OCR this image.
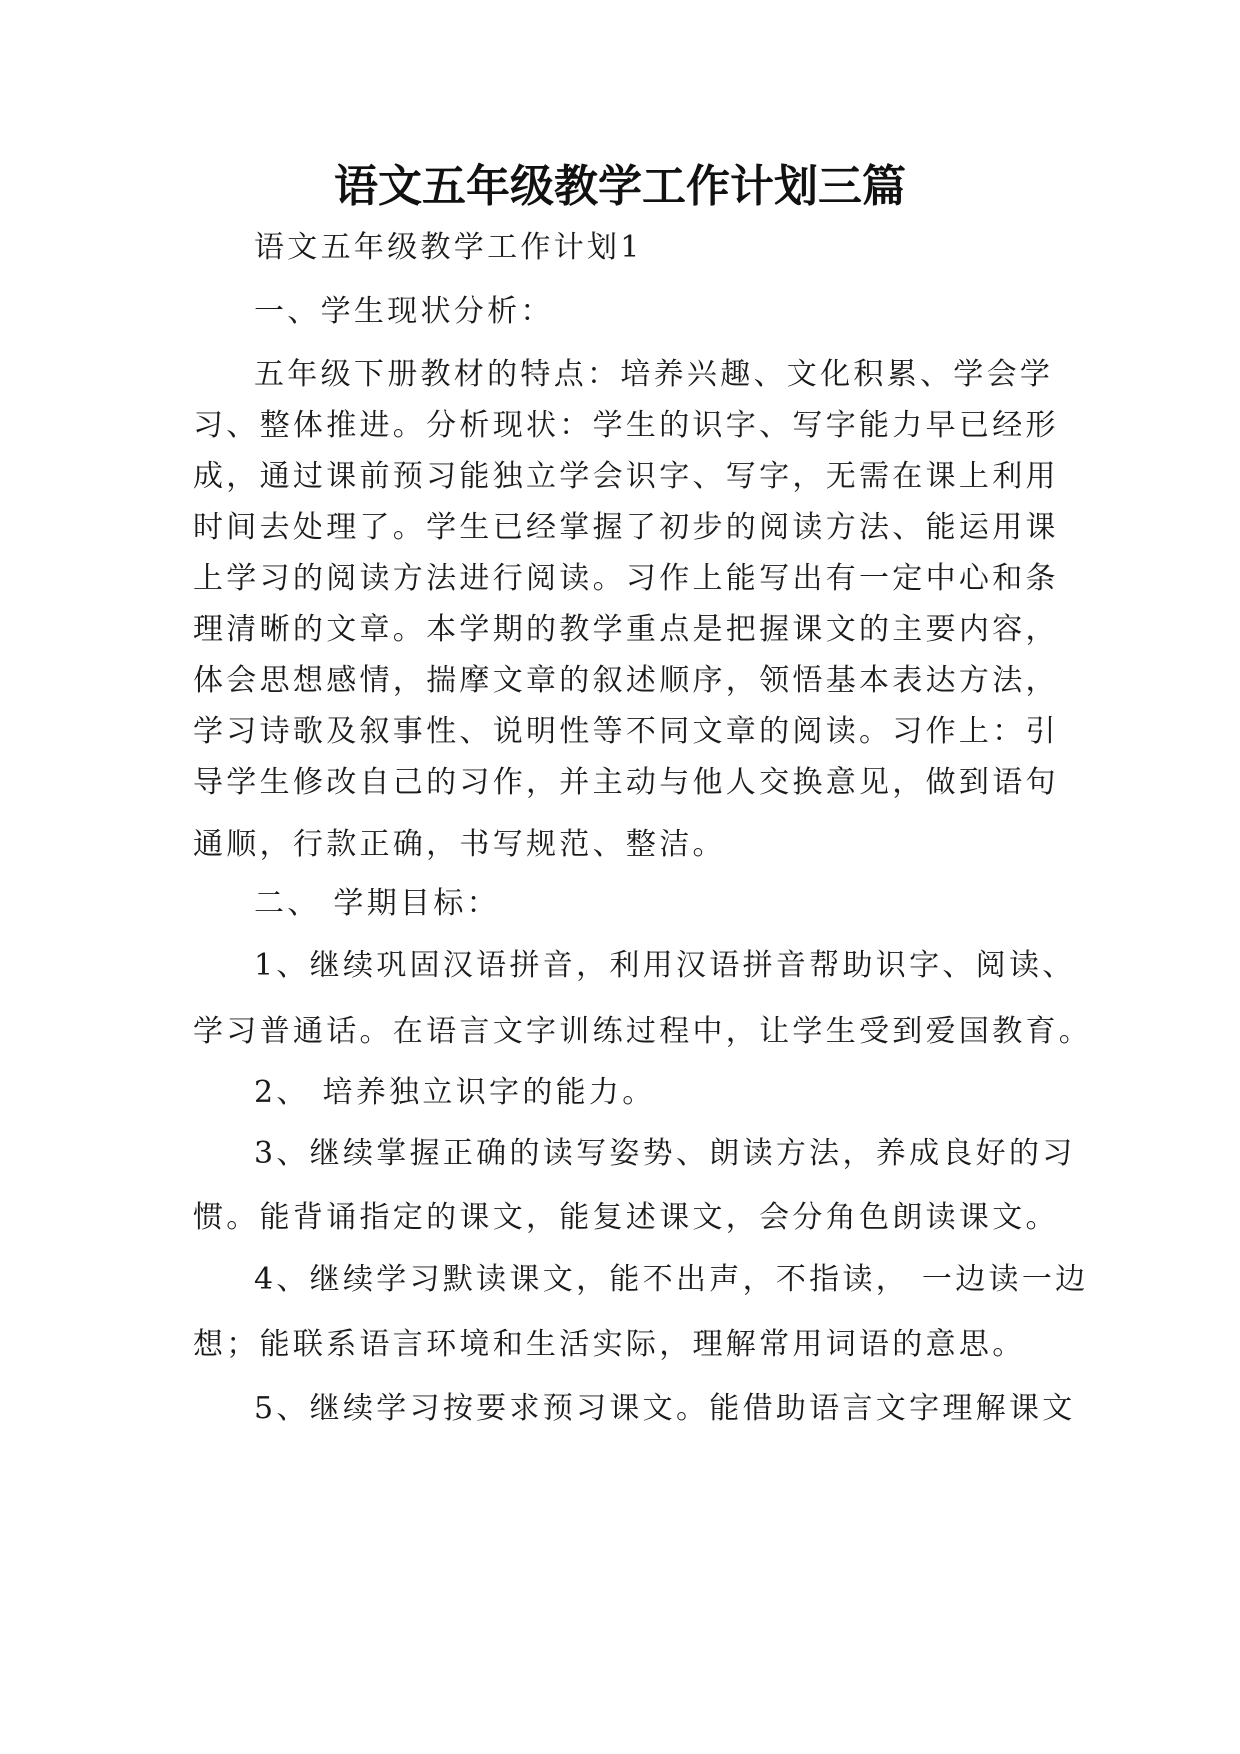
语文五年级教学工作计划三篇
语文五年级教学工作计划1
一、学生现状分析：
五年级下册教材的特点：培养兴趣、文化积累、学会学
习、整体推进。分析现状：学生的识字、写字能力早已经形
成，通过课前预习能独立学会识字、写字，无需在课上利用
时间去处理了。学生已经掌握了初步的阅读方法、能运用课
上学习的阅读方法进行阅读。习作上能写出有一定中心和条
理清晰的文章。本学期的教学重点是把握课文的主要内容，
体会思想感情，揣摩文章的叙述顺序，领悟基本表达方法，
学习诗歌及叙事性、说明性等不同文章的阅读。习作上：引
导学生修改自己的习作，并主动与他人交换意见，做到语句
通顺，行款正确，书写规范、整洁。
二、 学期目标：
1、继续巩固汉语拼音，利用汉语拼音帮助识字、阅读、
学习普通话。在语言文字训练过程中，让学生受到爱国教育。
2、 培养独立识字的能力。
3、继续掌握正确的读写姿势、朗读方法，养成良好的习
惯。能背诵指定的课文，能复述课文，会分角色朗读课文。
4、继续学习默读课文，能不出声，不指读， 一边读一边
想；能联系语言环境和生活实际，理解常用词语的意思。
5、继续学习按要求预习课文。能借助语言文字理解课文
